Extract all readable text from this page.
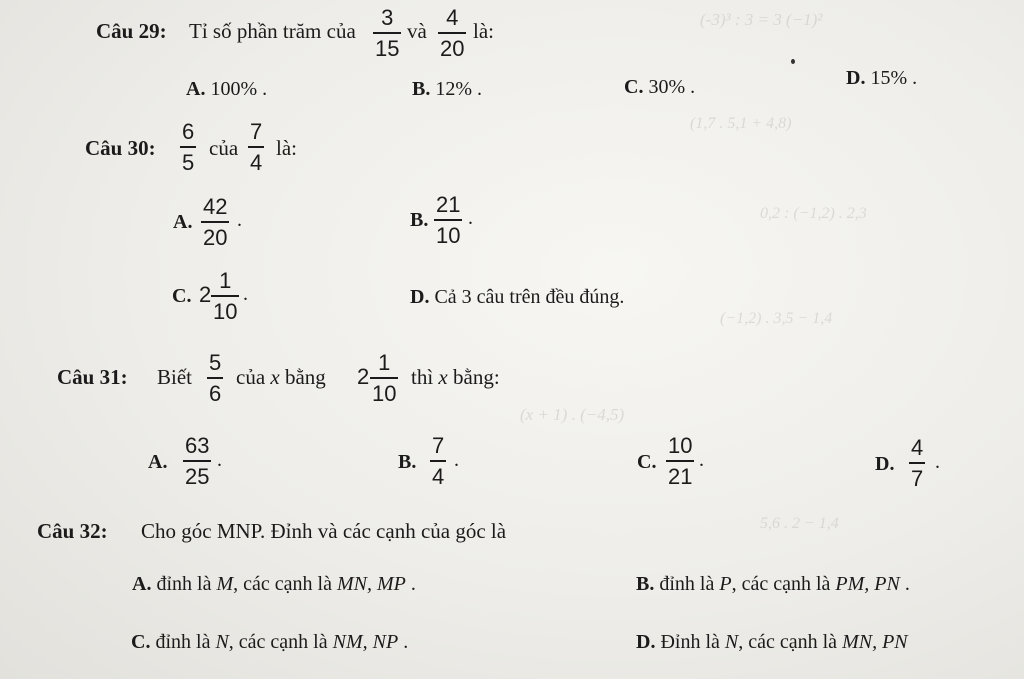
(-3)³ : 3 = 3 (−1)²
(1,7 . 5,1 + 4,8)
0,2 : (−1,2) . 2,3
(−1,2) . 3,5 − 1,4
(x + 1) . (−4,5)
5,6 . 2 − 1,4
Câu 29: Tỉ số phần trăm của
3
15
và
4
20
là:
A. 100% .	B. 12% .	C. 30% .	D. 15% .
Câu 30:
6
5
của
7
4
là:
A.
42
20
.	B.
21
10
.
C. 2
1
10
.	D. Cả 3 câu trên đều đúng.
Câu 31: Biết
5
6
của x bằng 2
1
10
thì x bằng:
A.
63
25
.	B.
7
4
.	C.
10
21
.	D.
4
7
.
Câu 32: Cho góc MNP. Đỉnh và các cạnh của góc là
A. đỉnh là M, các cạnh là MN, MP .	B. đỉnh là P, các cạnh là PM, PN .
C. đỉnh là N, các cạnh là NM, NP .	D. Đỉnh là N, các cạnh là MN, PN
